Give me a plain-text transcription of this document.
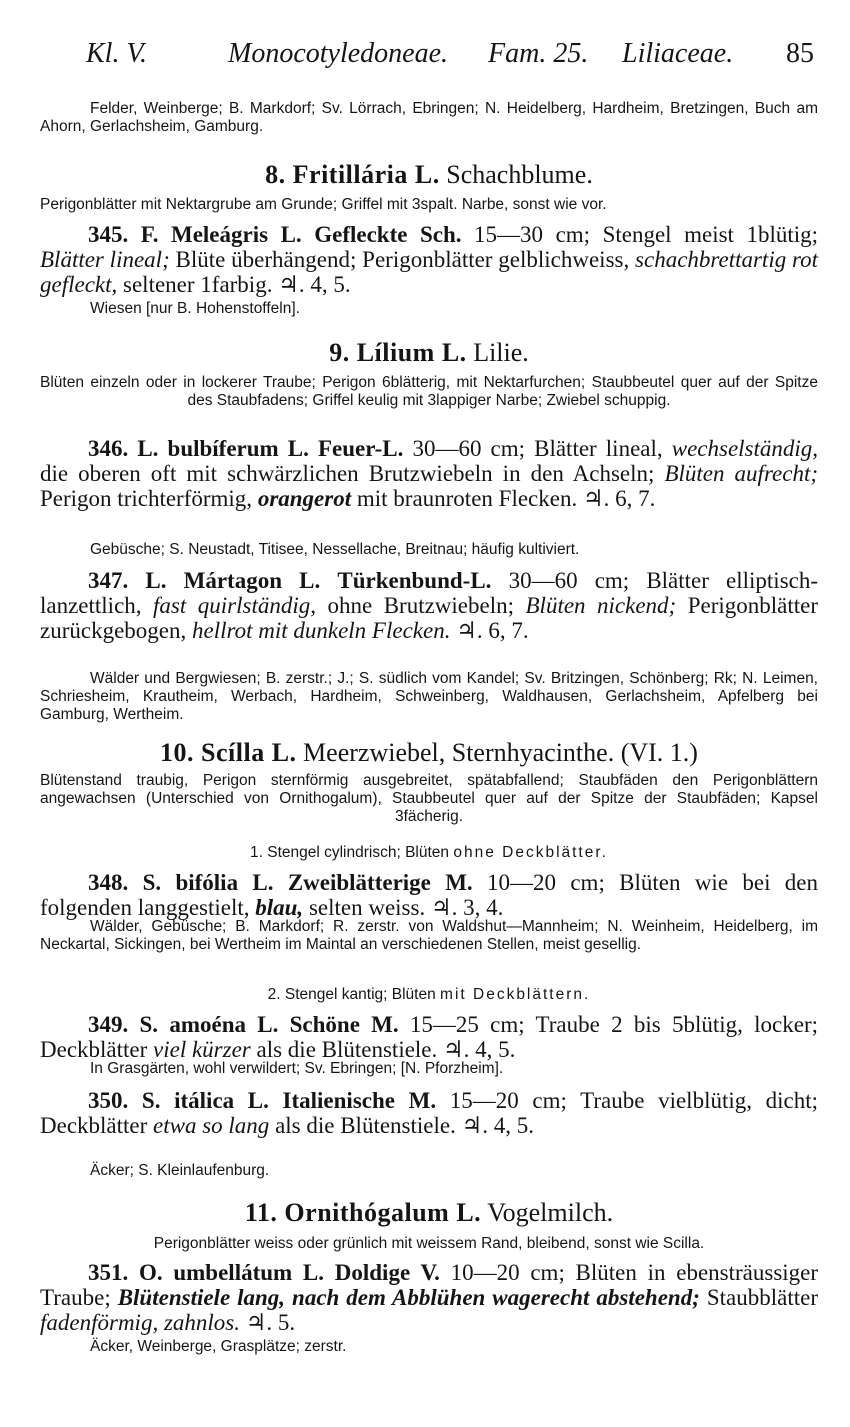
Kl. V.	Monocotyledoneae. Fam. 25. Liliaceae. 85
Felder, Weinberge; B. Markdorf; Sv. Lörrach, Ebringen; N. Heidelberg, Hardheim, Bretzingen, Buch am Ahorn, Gerlachsheim, Gamburg.
8. Fritillária L. Schachblume.
Perigonblätter mit Nektargrube am Grunde; Griffel mit 3spalt. Narbe, sonst wie vor.
345. F. Meleágris L. Gefleckte Sch. 15—30 cm; Stengel meist 1blütig; Blätter lineal; Blüte überhängend; Perigonblätter gelblichweiss, schachbrettartig rot gefleckt, seltener 1farbig. ♃. 4, 5.
Wiesen [nur B. Hohenstoffeln].
9. Lílium L. Lilie.
Blüten einzeln oder in lockerer Traube; Perigon 6blätterig, mit Nektarfurchen; Staubbeutel quer auf der Spitze des Staubfadens; Griffel keulig mit 3lappiger Narbe; Zwiebel schuppig.
346. L. bulbíferum L. Feuer-L. 30—60 cm; Blätter lineal, wechselständig, die oberen oft mit schwärzlichen Brutzwiebeln in den Achseln; Blüten aufrecht; Perigon trichterförmig, orangerot mit braunroten Flecken. ♃. 6, 7.
Gebüsche; S. Neustadt, Titisee, Nessellache, Breitnau; häufig kultiviert.
347. L. Mártagon L. Türkenbund-L. 30—60 cm; Blätter elliptisch-lanzettlich, fast quirlständig, ohne Brutzwiebeln; Blüten nickend; Perigonblätter zurückgebogen, hellrot mit dunkeln Flecken. ♃. 6, 7.
Wälder und Bergwiesen; B. zerstr.; J.; S. südlich vom Kandel; Sv. Britzingen, Schönberg; Rk; N. Leimen, Schriesheim, Krautheim, Werbach, Hardheim, Schweinberg, Waldhausen, Gerlachsheim, Apfelberg bei Gamburg, Wertheim.
10. Scílla L. Meerzwiebel, Sternhyacinthe. (VI. 1.)
Blütenstand traubig, Perigon sternförmig ausgebreitet, spätabfallend; Staubfäden den Perigonblättern angewachsen (Unterschied von Ornithogalum), Staubbeutel quer auf der Spitze der Staubfäden; Kapsel 3fächerig.
1. Stengel cylindrisch; Blüten ohne Deckblätter.
348. S. bifólia L. Zweiblätterige M. 10—20 cm; Blüten wie bei den folgenden langgestielt, blau, selten weiss. ♃. 3, 4.
Wälder, Gebüsche; B. Markdorf; R. zerstr. von Waldshut—Mannheim; N. Weinheim, Heidelberg, im Neckartal, Sickingen, bei Wertheim im Maintal an verschiedenen Stellen, meist gesellig.
2. Stengel kantig; Blüten mit Deckblättern.
349. S. amoéna L. Schöne M. 15—25 cm; Traube 2 bis 5blütig, locker; Deckblätter viel kürzer als die Blütenstiele. ♃. 4, 5.
In Grasgärten, wohl verwildert; Sv. Ebringen; [N. Pforzheim].
350. S. itálica L. Italienische M. 15—20 cm; Traube vielblütig, dicht; Deckblätter etwa so lang als die Blütenstiele. ♃. 4, 5.
Äcker; S. Kleinlaufenburg.
11. Ornithógalum L. Vogelmilch.
Perigonblätter weiss oder grünlich mit weissem Rand, bleibend, sonst wie Scilla.
351. O. umbellátum L. Doldige V. 10—20 cm; Blüten in ebensträussiger Traube; Blütenstiele lang, nach dem Abblühen wagerecht abstehend; Staubblätter fadenförmig, zahnlos. ♃. 5.
Äcker, Weinberge, Grasplätze; zerstr.
